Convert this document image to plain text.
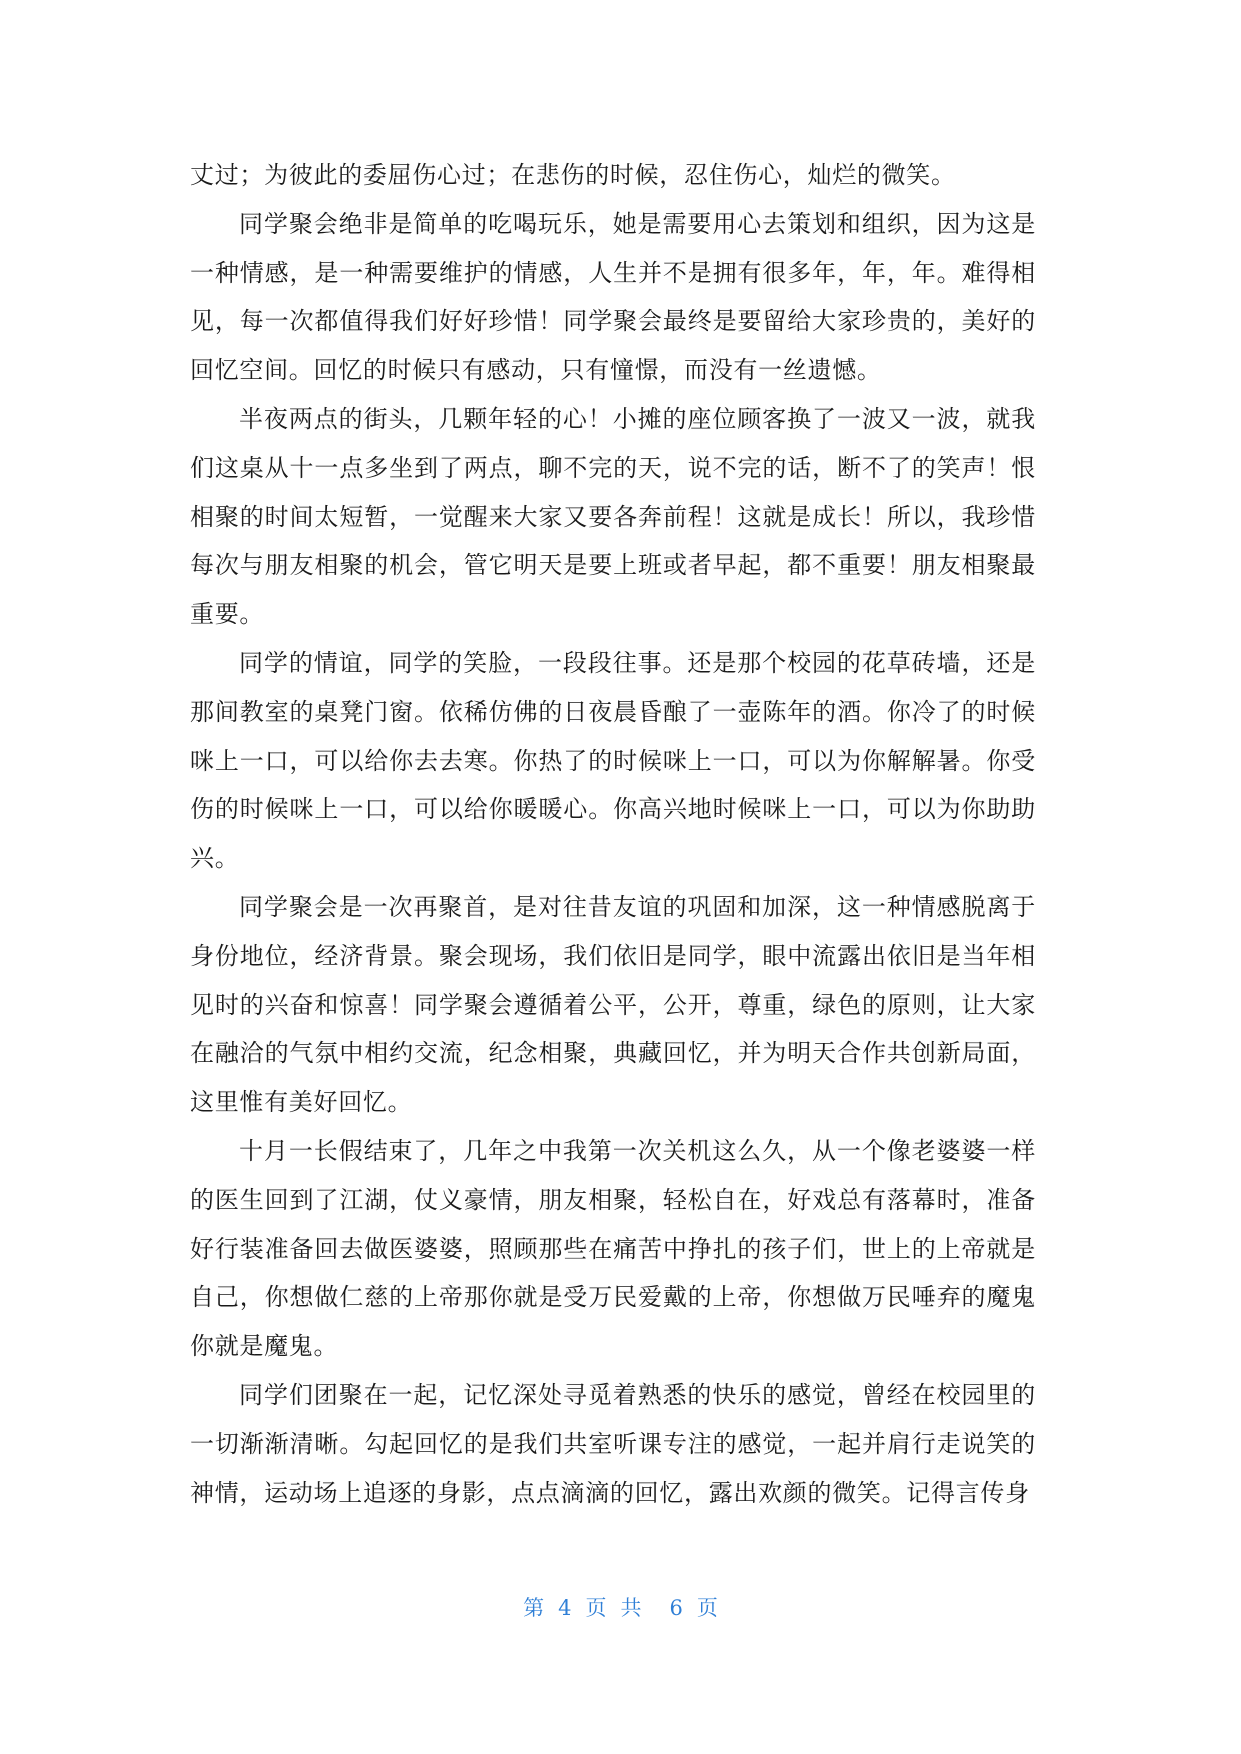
丈过；为彼此的委屈伤心过；在悲伤的时候，忍住伤心，灿烂的微笑。

同学聚会绝非是简单的吃喝玩乐，她是需要用心去策划和组织，因为这是一种情感，是一种需要维护的情感，人生并不是拥有很多年，年，年。难得相见，每一次都值得我们好好珍惜！同学聚会最终是要留给大家珍贵的，美好的回忆空间。回忆的时候只有感动，只有憧憬，而没有一丝遗憾。

半夜两点的街头，几颗年轻的心！小摊的座位顾客换了一波又一波，就我们这桌从十一点多坐到了两点，聊不完的天，说不完的话，断不了的笑声！恨相聚的时间太短暂，一觉醒来大家又要各奔前程！这就是成长！所以，我珍惜每次与朋友相聚的机会，管它明天是要上班或者早起，都不重要！朋友相聚最重要。

同学的情谊，同学的笑脸，一段段往事。还是那个校园的花草砖墙，还是那间教室的桌凳门窗。依稀仿佛的日夜晨昏酿了一壶陈年的酒。你冷了的时候咪上一口，可以给你去去寒。你热了的时候咪上一口，可以为你解解暑。你受伤的时候咪上一口，可以给你暖暖心。你高兴地时候咪上一口，可以为你助助兴。

同学聚会是一次再聚首，是对往昔友谊的巩固和加深，这一种情感脱离于身份地位，经济背景。聚会现场，我们依旧是同学，眼中流露出依旧是当年相见时的兴奋和惊喜！同学聚会遵循着公平，公开，尊重，绿色的原则，让大家在融洽的气氛中相约交流，纪念相聚，典藏回忆，并为明天合作共创新局面，这里惟有美好回忆。

十月一长假结束了，几年之中我第一次关机这么久，从一个像老婆婆一样的医生回到了江湖，仗义豪情，朋友相聚，轻松自在，好戏总有落幕时，准备好行装准备回去做医婆婆，照顾那些在痛苦中挣扎的孩子们，世上的上帝就是自己，你想做仁慈的上帝那你就是受万民爱戴的上帝，你想做万民唾弃的魔鬼你就是魔鬼。

同学们团聚在一起，记忆深处寻觅着熟悉的快乐的感觉，曾经在校园里的一切渐渐清晰。勾起回忆的是我们共室听课专注的感觉，一起并肩行走说笑的神情，运动场上追逐的身影，点点滴滴的回忆，露出欢颜的微笑。记得言传身

第 4 页共 6 页
